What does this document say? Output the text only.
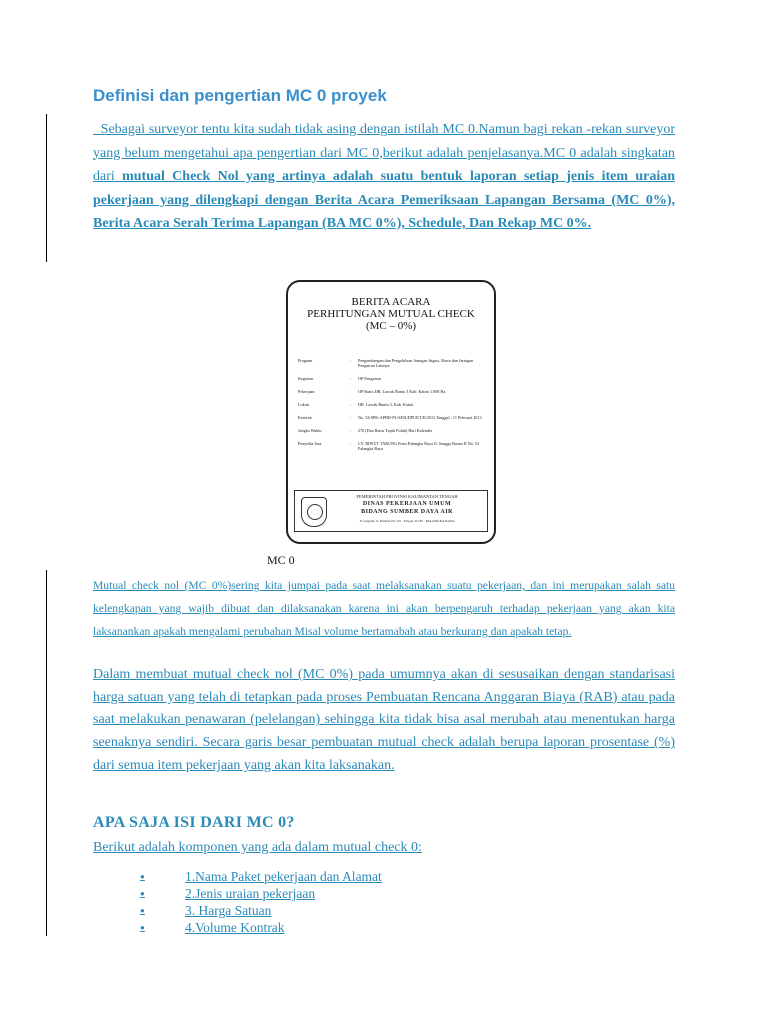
Definisi dan pengertian MC 0 proyek

Sebagai surveyor tentu kita sudah tidak asing dengan istilah MC 0.Namun bagi rekan -rekan surveyor yang belum mengetahui apa pengertian dari MC 0,berikut adalah penjelasanya.MC 0 adalah singkatan dari mutual Check Nol yang artinya adalah suatu bentuk laporan setiap jenis item uraian pekerjaan yang dilengkapi dengan Berita Acara Pemeriksaan Lapangan Bersama (MC 0%), Berita Acara Serah Terima Lapangan (BA MC 0%), Schedule, Dan Rekap MC 0%.

BERITA ACARA
PERHITUNGAN MUTUAL CHECK
(MC – 0%)
Program	:	Pengembangan dan Pengelolaan Jaringan Irigasi, Rawa dan Jaringan Pengairan Lainnya
Kegiatan	:	OP Pengairan
Pekerjaan	:	OP Rutin DR. Lawak Buntu 3 Kab. Katini 1.000 Ha
Lokasi	:	DR. Lawak Buntu 3, Kab. Katini
Kontrak	:	No. 52/SPK-APBD-PL/SDA/DPUKT/II/2013 Tanggal : 11 Pebruari 2013
Jangka Waktu	:	270 (Dua Ratus Tujuh Puluh) Hari Kalender
Penyedia Jasa	:	CV. RIWUT TARUNG Prust Palangka Raya Jl. Sangga Buana II No. 53 Palangka Raya
PEMERINTAH PROVINSI KALIMANTAN TENGAH
DINAS PEKERJAAN UMUM
BIDANG SUMBER DAYA AIR
Jl. Letjend. S. Parman No. 63 · Telpon 21136 · PALANGKA RAYA
MC 0

Mutual check nol (MC 0%)sering kita jumpai pada saat melaksanakan suatu pekerjaan, dan ini merupakan salah satu kelengkapan yang wajib dibuat dan dilaksanakan karena ini akan berpengaruh terhadap pekerjaan yang akan kita laksanankan apakah mengalami perubahan Misal volume bertamabah atau berkurang dan apakah tetap.

Dalam membuat mutual check nol (MC 0%) pada umumnya akan di sesusaikan dengan standarisasi harga satuan yang telah di tetapkan pada proses Pembuatan Rencana Anggaran Biaya (RAB) atau pada saat melakukan penawaran (pelelangan) sehingga kita tidak bisa asal merubah atau menentukan harga seenaknya sendiri. Secara garis besar pembuatan mutual check adalah berupa laporan prosentase (%) dari semua item pekerjaan yang akan kita laksanakan.

APA SAJA ISI DARI MC 0?

Berikut adalah komponen yang ada dalam mutual check 0:

●	1.Nama Paket pekerjaan dan Alamat
●	2.Jenis uraian pekerjaan
●	3. Harga Satuan
●	4.Volume Kontrak
